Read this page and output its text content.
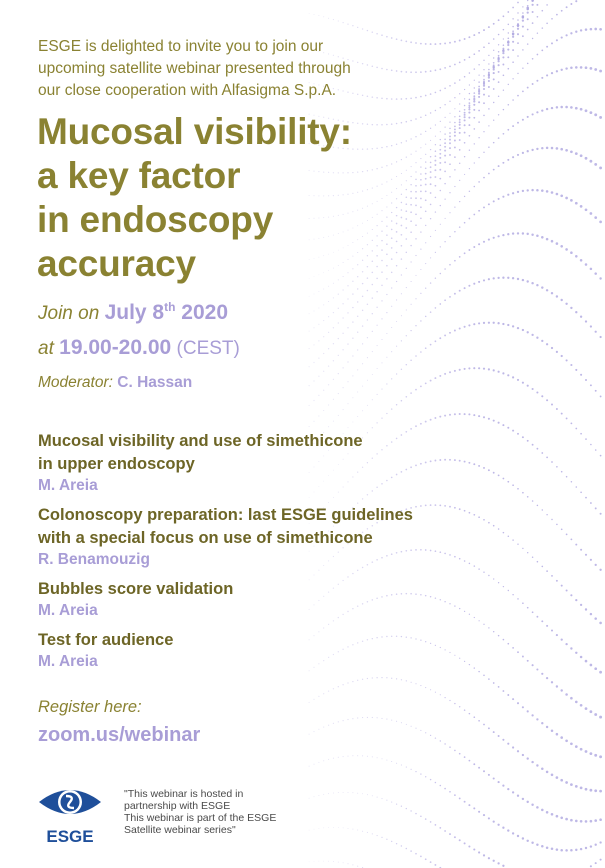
ESGE is delighted to invite you to join our
upcoming satellite webinar presented through
our close cooperation with Alfasigma S.p.A.
Mucosal visibility:
a key factor
in endoscopy
accuracy
Join on July 8th 2020
at 19.00-20.00 (CEST)
Moderator: C. Hassan
Mucosal visibility and use of simethicone
in upper endoscopy
M. Areia
Colonoscopy preparation: last ESGE guidelines
with a special focus on use of simethicone
R. Benamouzig
Bubbles score validation
M. Areia
Test for audience
M. Areia
Register here:
zoom.us/webinar
ESGE
"This webinar is hosted in
partnership with ESGE
This webinar is part of the ESGE
Satellite webinar series"
